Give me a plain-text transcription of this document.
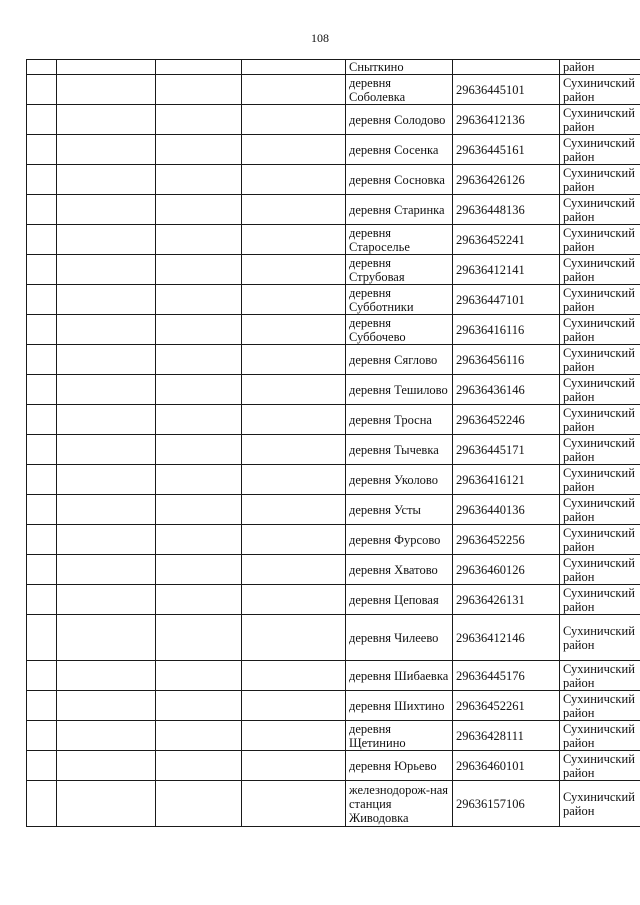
108
				Сныткино		район
				деревня Соболевка	29636445101	Сухиничский район
				деревня Солодово	29636412136	Сухиничский район
				деревня Сосенка	29636445161	Сухиничский район
				деревня Сосновка	29636426126	Сухиничский район
				деревня Старинка	29636448136	Сухиничский район
				деревня Староселье	29636452241	Сухиничский район
				деревня Струбовая	29636412141	Сухиничский район
				деревня Субботники	29636447101	Сухиничский район
				деревня Суббочево	29636416116	Сухиничский район
				деревня Сяглово	29636456116	Сухиничский район
				деревня Тешилово	29636436146	Сухиничский район
				деревня Тросна	29636452246	Сухиничский район
				деревня Тычевка	29636445171	Сухиничский район
				деревня Уколово	29636416121	Сухиничский район
				деревня Усты	29636440136	Сухиничский район
				деревня Фурсово	29636452256	Сухиничский район
				деревня Хватово	29636460126	Сухиничский район
				деревня Цеповая	29636426131	Сухиничский район
				деревня Чилеево	29636412146	Сухиничский район
				деревня Шибаевка	29636445176	Сухиничский район
				деревня Шихтино	29636452261	Сухиничский район
				деревня Щетинино	29636428111	Сухиничский район
				деревня Юрьево	29636460101	Сухиничский район
				железнодорож-ная станция Живодовка	29636157106	Сухиничский район
